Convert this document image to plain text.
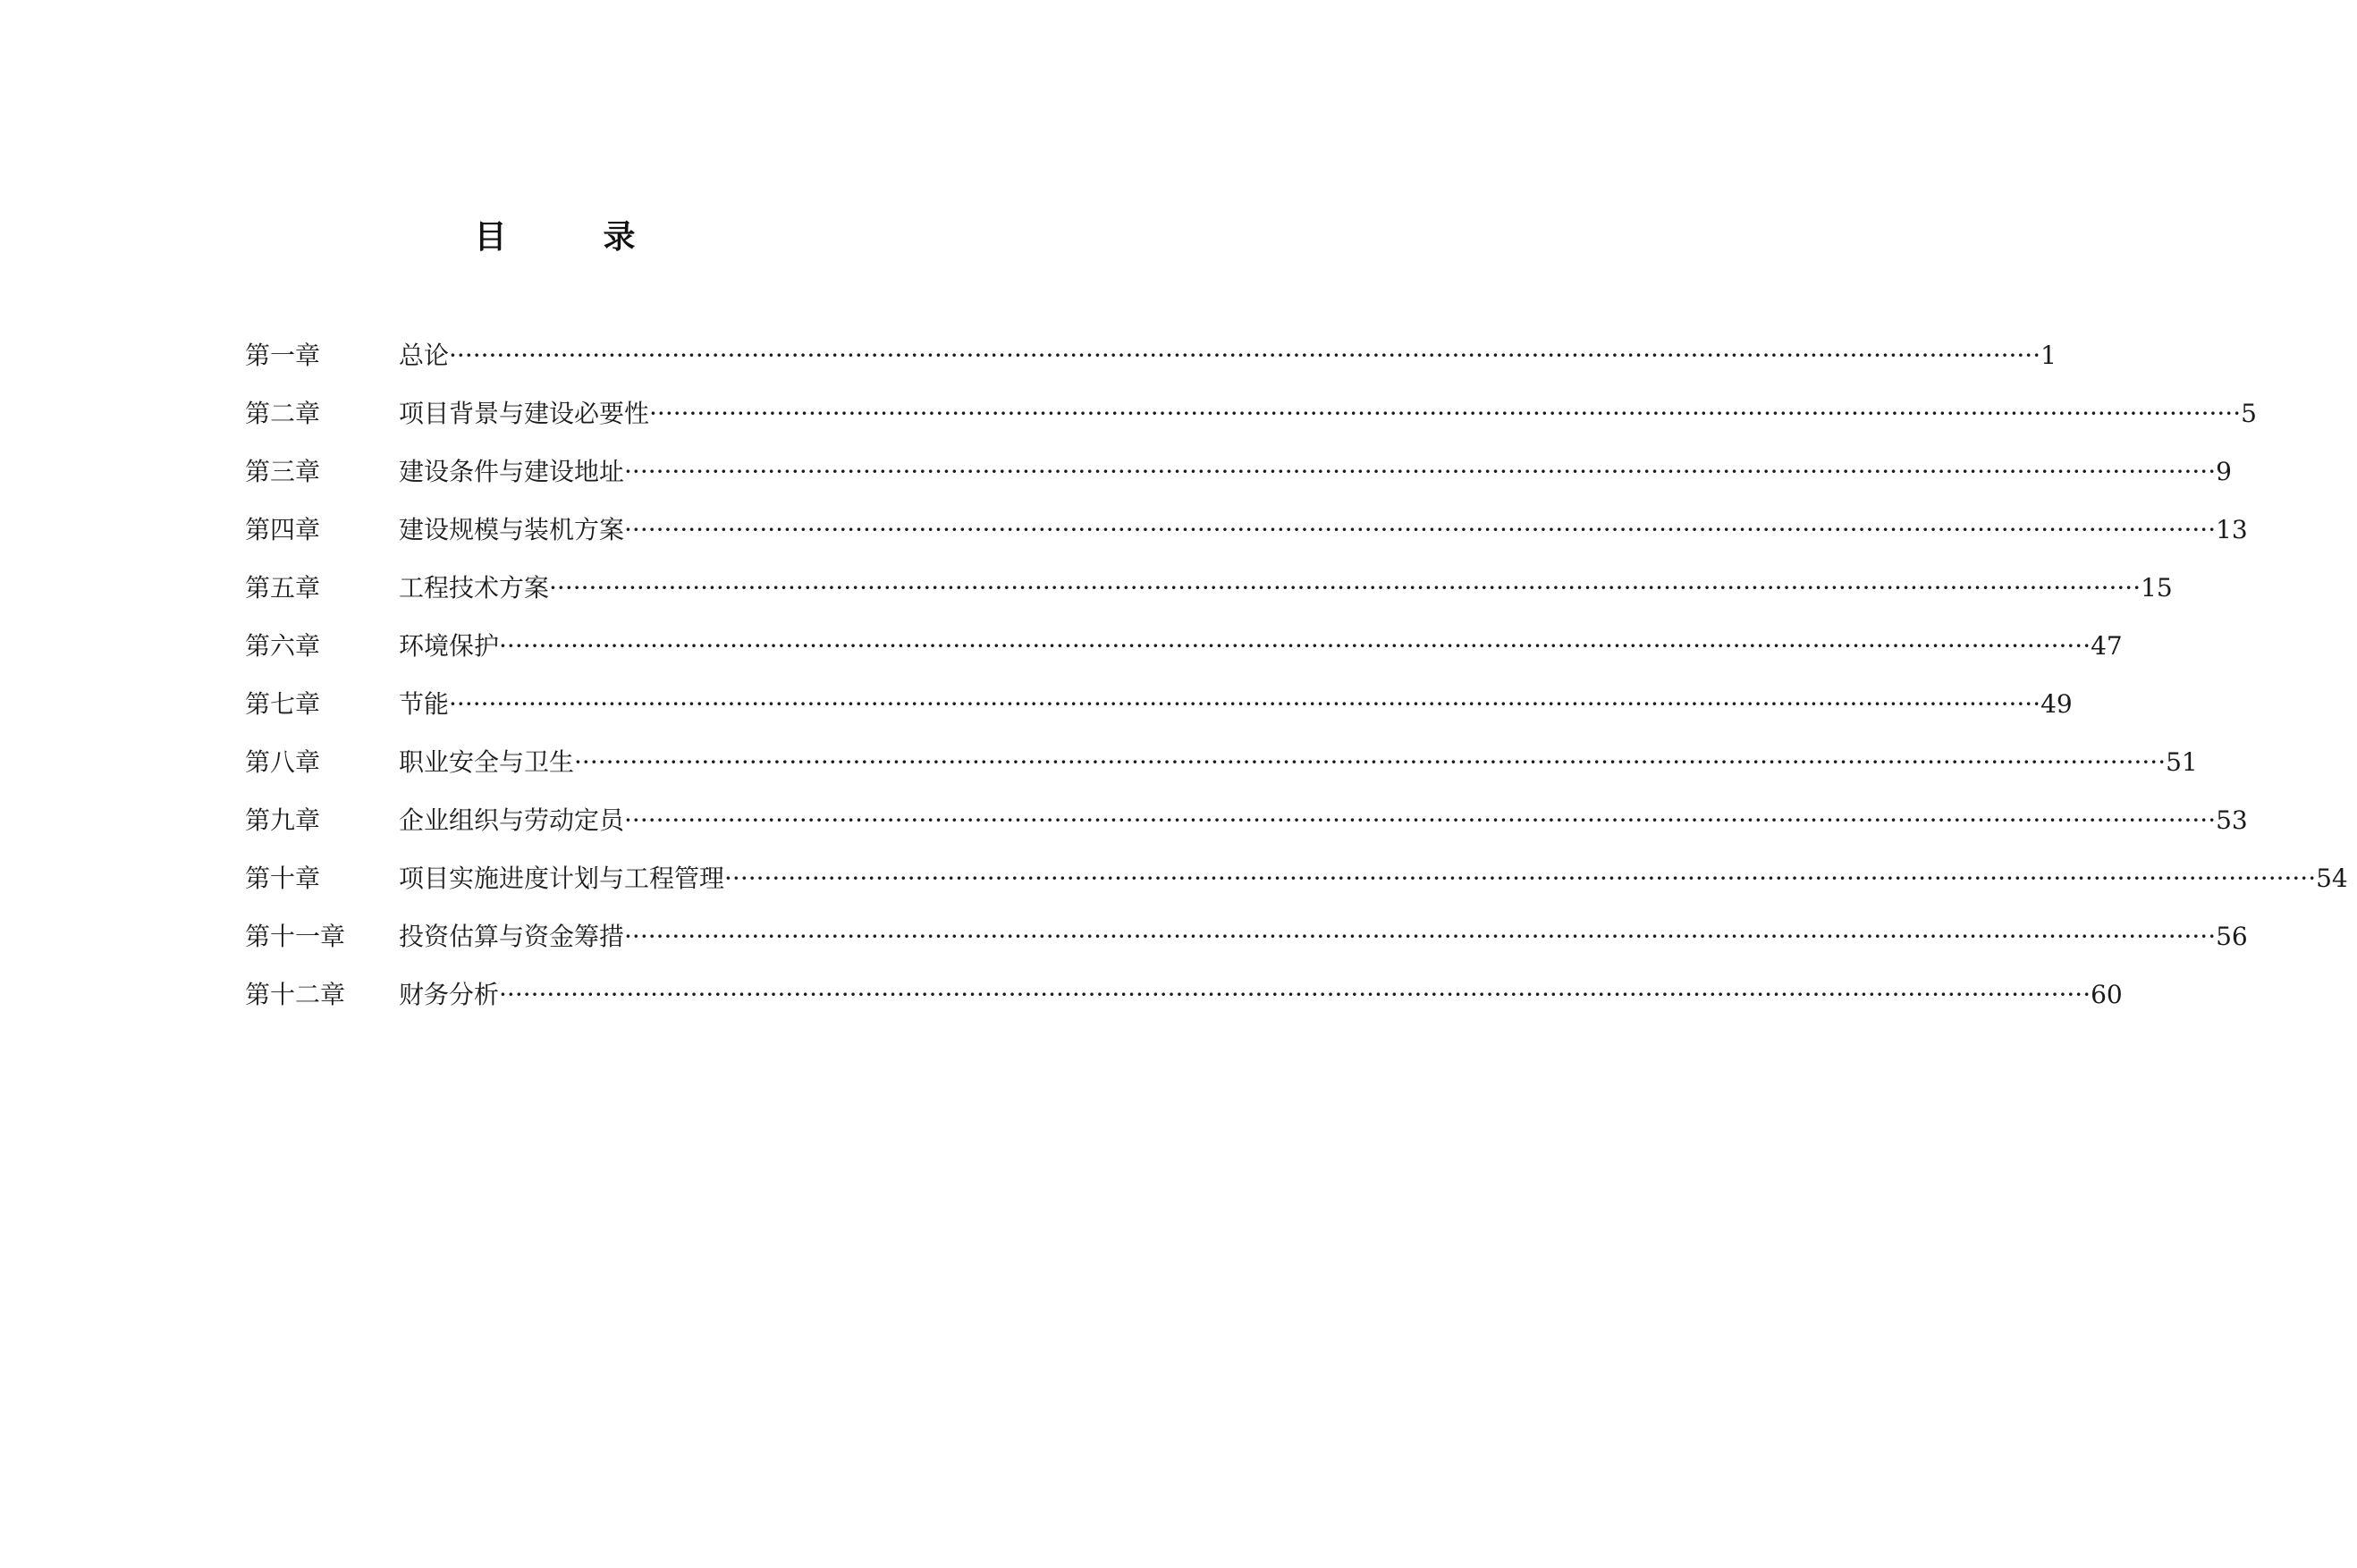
目　　　录
第一章	总论 ········································································································································································································ 1
第二章	项目背景与建设必要性 ········································································································································································································ 5
第三章	建设条件与建设地址 ········································································································································································································ 9
第四章	建设规模与装机方案 ········································································································································································································ 13
第五章	工程技术方案 ········································································································································································································ 15
第六章	环境保护 ········································································································································································································ 47
第七章	节能 ········································································································································································································ 49
第八章	职业安全与卫生 ········································································································································································································ 51
第九章	企业组织与劳动定员 ········································································································································································································ 53
第十章	项目实施进度计划与工程管理 ········································································································································································································ 54
第十一章	投资估算与资金筹措 ········································································································································································································ 56
第十二章	财务分析 ········································································································································································································ 60
